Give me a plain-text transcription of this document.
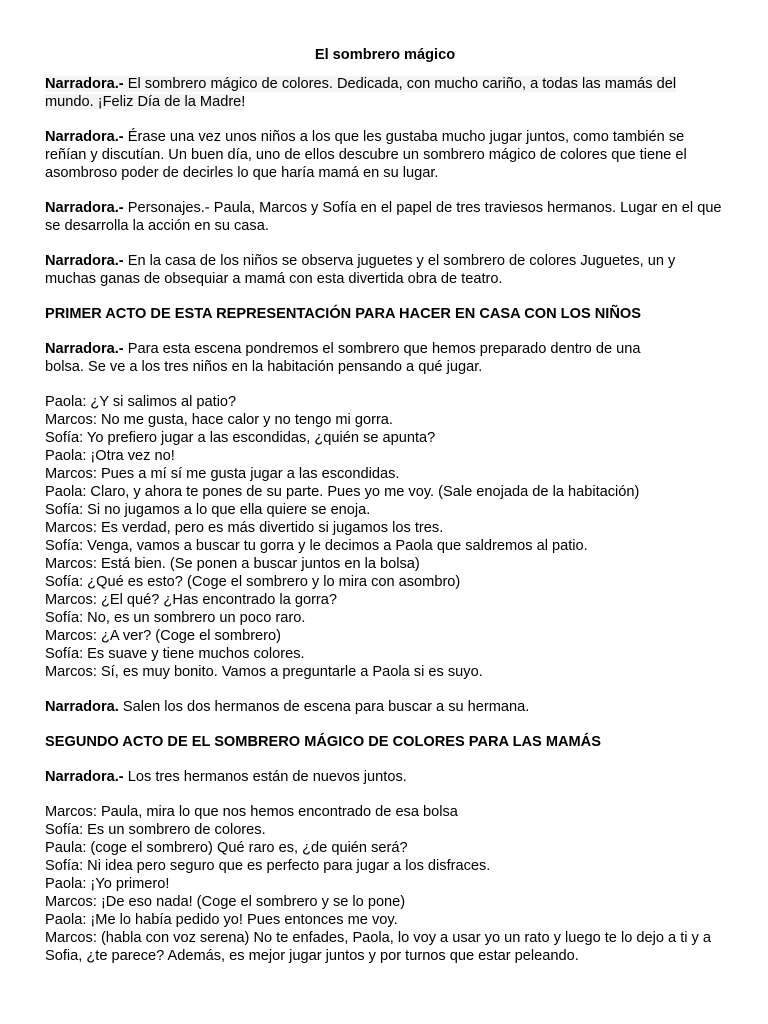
El sombrero mágico
Narradora.- El sombrero mágico de colores. Dedicada, con mucho cariño, a todas las mamás del mundo. ¡Feliz Día de la Madre!
Narradora.- Érase una vez unos niños a los que les gustaba mucho jugar juntos, como también se reñían y discutían. Un buen día, uno de ellos descubre un sombrero mágico de colores que tiene el asombroso poder de decirles lo que haría mamá en su lugar.
Narradora.- Personajes.- Paula, Marcos y Sofía en el papel de tres traviesos hermanos. Lugar en el que se desarrolla la acción en su casa.
Narradora.- En la casa de los niños se observa juguetes y el sombrero de colores Juguetes, un y muchas ganas de obsequiar a mamá con esta divertida obra de teatro.
PRIMER ACTO DE ESTA REPRESENTACIÓN PARA HACER EN CASA CON LOS NIÑOS
Narradora.- Para esta escena pondremos el sombrero que hemos preparado dentro de una
bolsa. Se ve a los tres niños en la habitación pensando a qué jugar.
Paola: ¿Y si salimos al patio?
Marcos: No me gusta, hace calor y no tengo mi gorra.
Sofía: Yo prefiero jugar a las escondidas, ¿quién se apunta?
Paola: ¡Otra vez no!
Marcos: Pues a mí sí me gusta jugar a las escondidas.
Paola: Claro, y ahora te pones de su parte. Pues yo me voy. (Sale enojada de la habitación)
Sofía: Si no jugamos a lo que ella quiere se enoja.
Marcos: Es verdad, pero es más divertido si jugamos los tres.
Sofía: Venga, vamos a buscar tu gorra y le decimos a Paola que saldremos al patio.
Marcos: Está bien. (Se ponen a buscar juntos en la bolsa)
Sofía: ¿Qué es esto? (Coge el sombrero y lo mira con asombro)
Marcos: ¿El qué? ¿Has encontrado la gorra?
Sofía: No, es un sombrero un poco raro.
Marcos: ¿A ver? (Coge el sombrero)
Sofía: Es suave y tiene muchos colores.
Marcos: Sí, es muy bonito. Vamos a preguntarle a Paola si es suyo.
Narradora. Salen los dos hermanos de escena para buscar a su hermana.
SEGUNDO ACTO DE EL SOMBRERO MÁGICO DE COLORES PARA LAS MAMÁS
Narradora.- Los tres hermanos están de nuevos juntos.
Marcos: Paula, mira lo que nos hemos encontrado de esa bolsa
Sofía: Es un sombrero de colores.
Paula: (coge el sombrero) Qué raro es, ¿de quién será?
Sofía: Ni idea pero seguro que es perfecto para jugar a los disfraces.
Paola: ¡Yo primero!
Marcos: ¡De eso nada! (Coge el sombrero y se lo pone)
Paola: ¡Me lo había pedido yo! Pues entonces me voy.
Marcos: (habla con voz serena) No te enfades, Paola, lo voy a usar yo un rato y luego te lo dejo a ti y a Sofia, ¿te parece? Además, es mejor jugar juntos y por turnos que estar peleando.
